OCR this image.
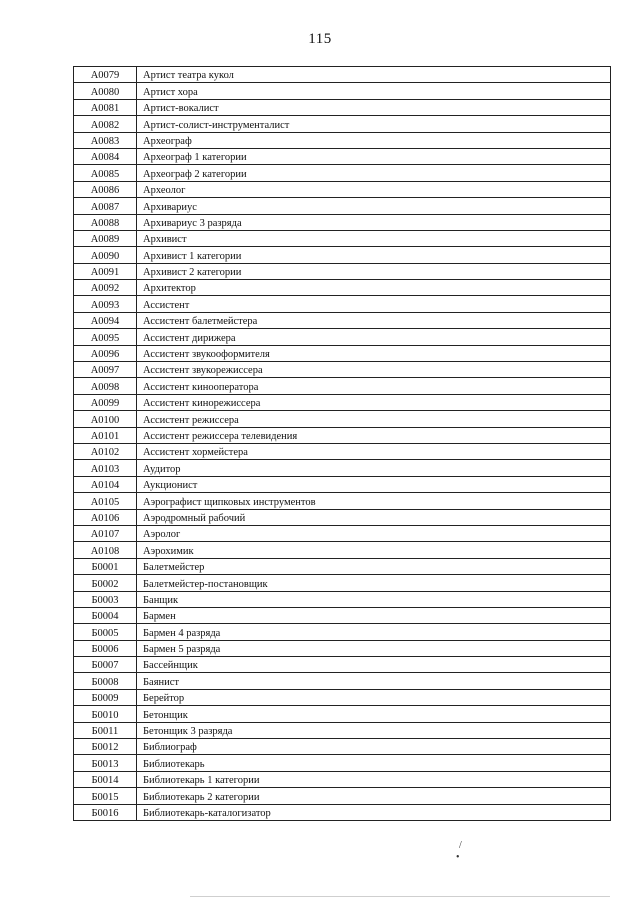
115
А0079	Артист театра кукол
А0080	Артист хора
А0081	Артист-вокалист
А0082	Артист-солист-инструменталист
А0083	Археограф
А0084	Археограф 1 категории
А0085	Археограф 2 категории
А0086	Археолог
А0087	Архивариус
А0088	Архивариус 3 разряда
А0089	Архивист
А0090	Архивист 1 категории
А0091	Архивист 2 категории
А0092	Архитектор
А0093	Ассистент
А0094	Ассистент балетмейстера
А0095	Ассистент дирижера
А0096	Ассистент звукооформителя
А0097	Ассистент звукорежиссера
А0098	Ассистент кинооператора
А0099	Ассистент кинорежиссера
А0100	Ассистент режиссера
А0101	Ассистент режиссера телевидения
А0102	Ассистент хормейстера
А0103	Аудитор
А0104	Аукционист
А0105	Аэрографист щипковых инструментов
А0106	Аэродромный рабочий
А0107	Аэролог
А0108	Аэрохимик
Б0001	Балетмейстер
Б0002	Балетмейстер-постановщик
Б0003	Банщик
Б0004	Бармен
Б0005	Бармен 4 разряда
Б0006	Бармен 5 разряда
Б0007	Бассейнщик
Б0008	Баянист
Б0009	Берейтор
Б0010	Бетонщик
Б0011	Бетонщик 3 разряда
Б0012	Библиограф
Б0013	Библиотекарь
Б0014	Библиотекарь 1 категории
Б0015	Библиотекарь 2 категории
Б0016	Библиотекарь-каталогизатор
/
•
